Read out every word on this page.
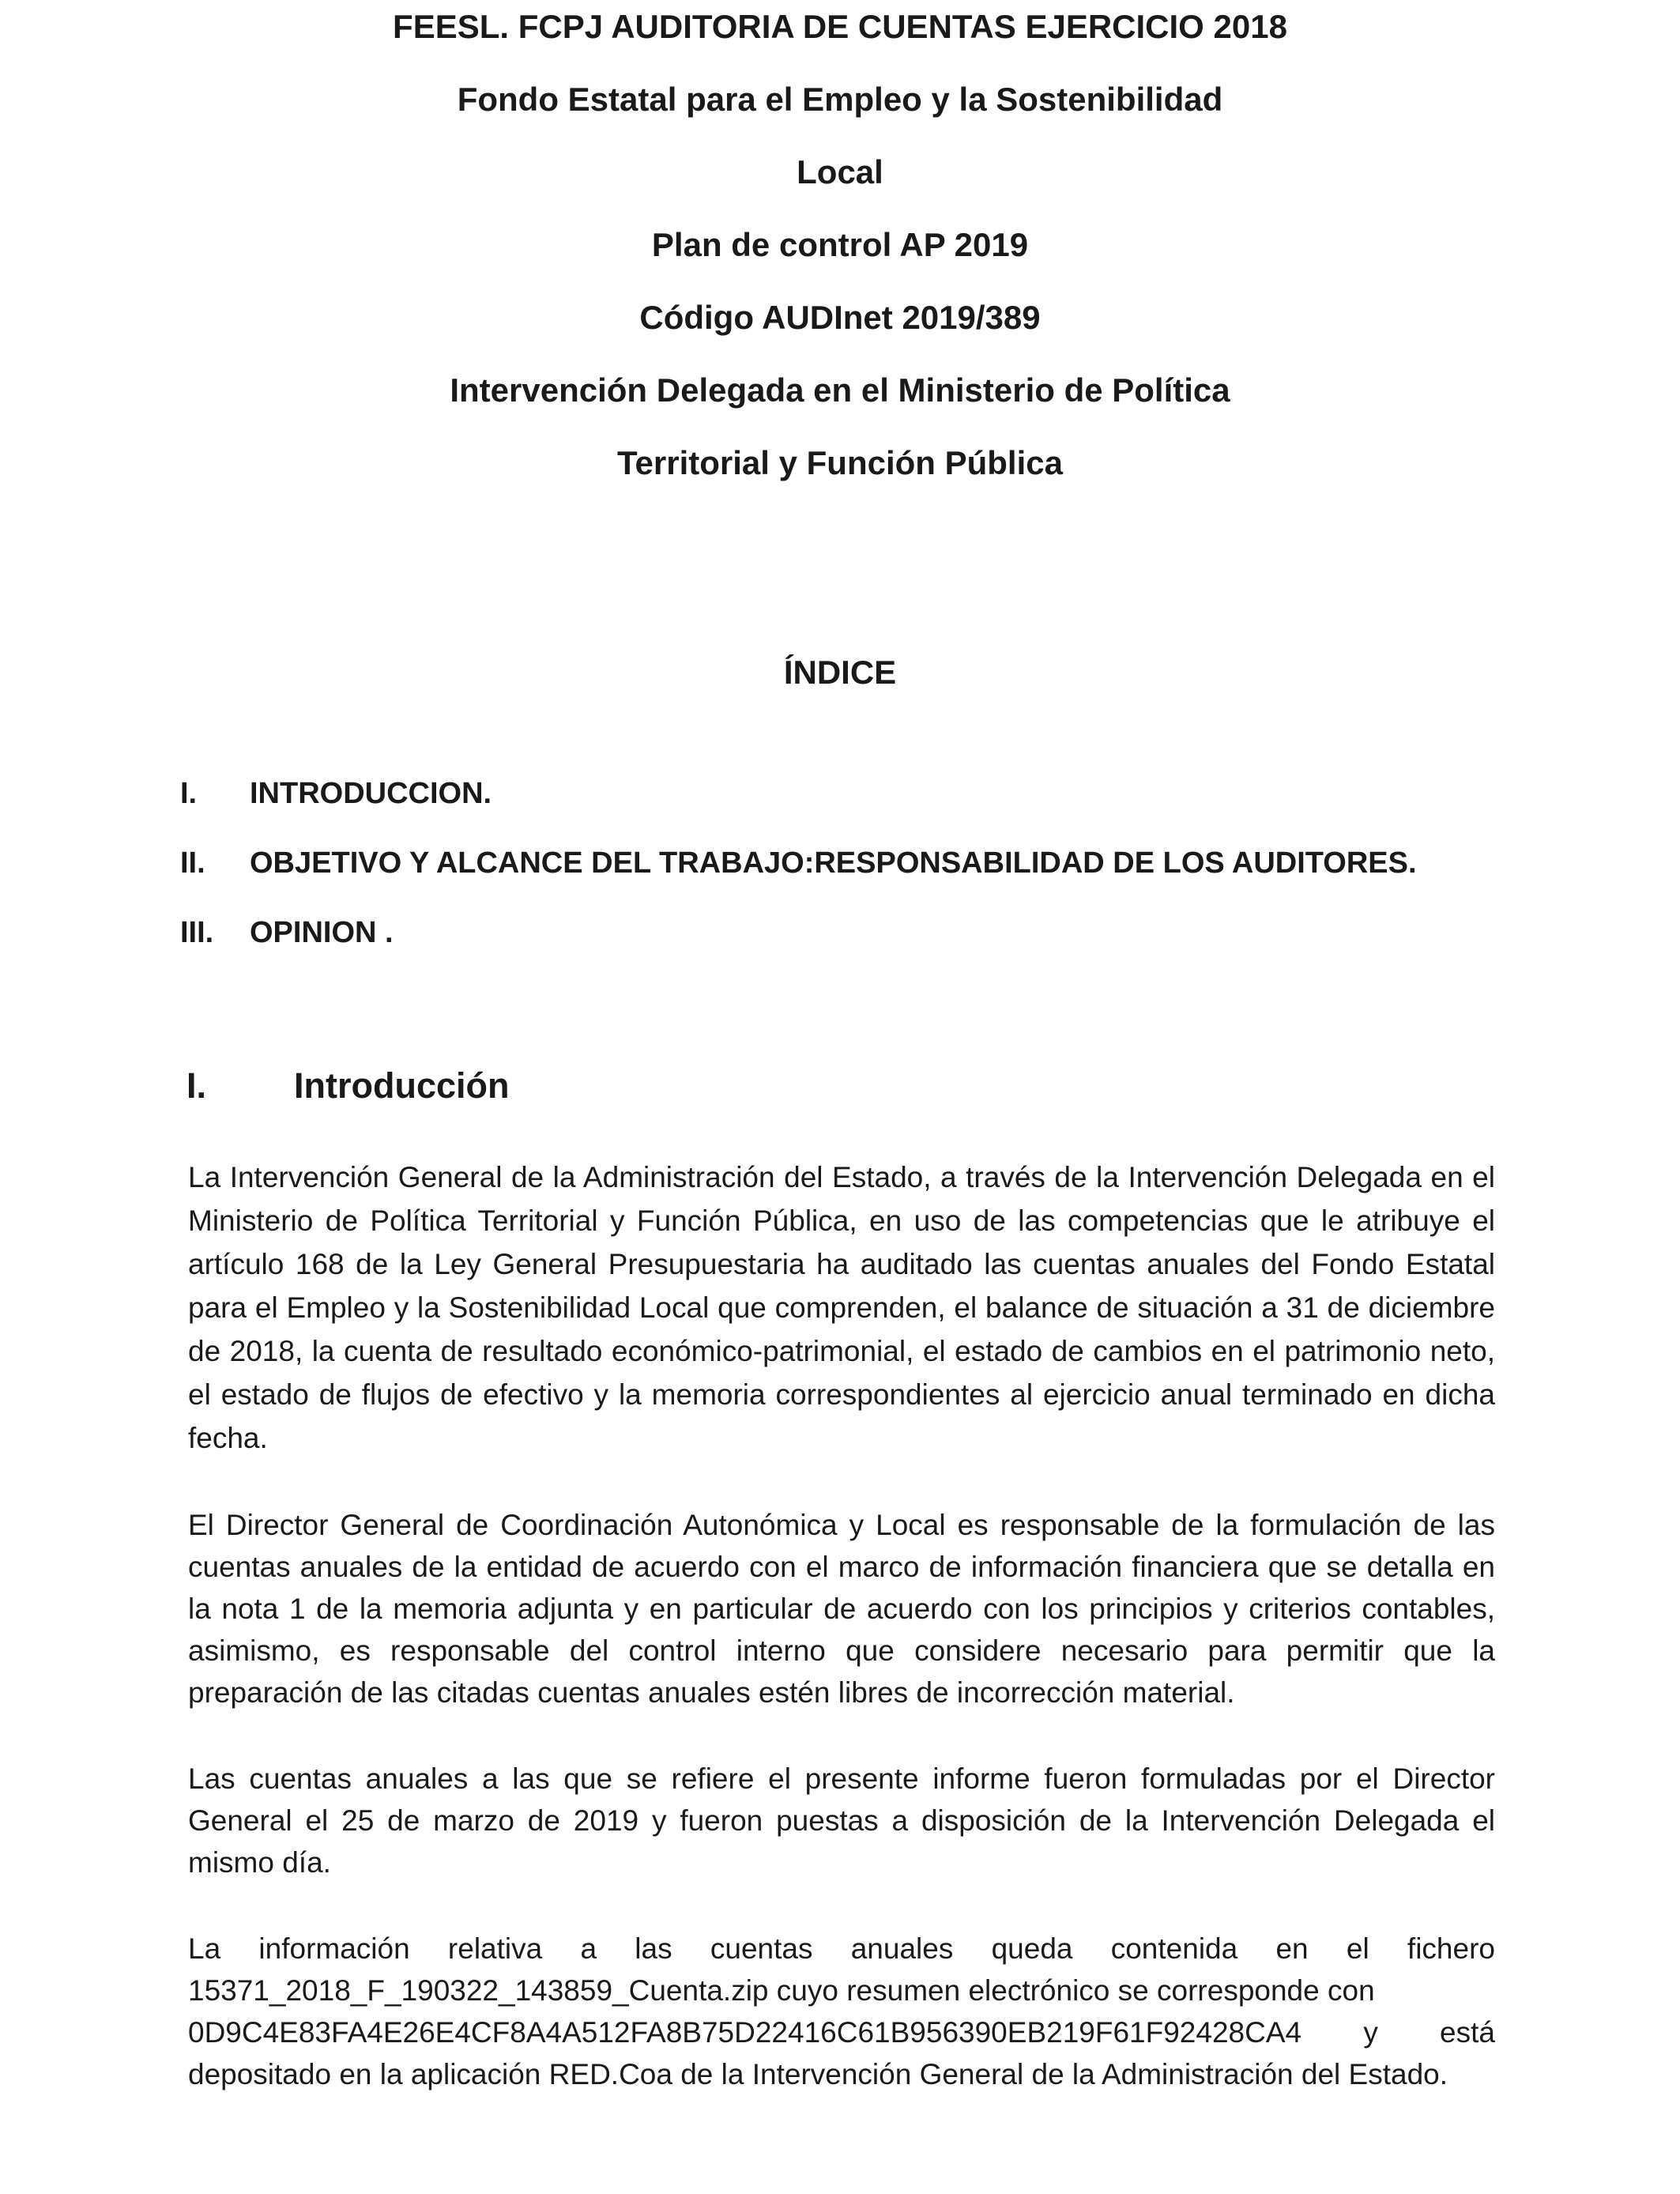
FEESL. FCPJ AUDITORIA DE CUENTAS EJERCICIO 2018

Fondo Estatal para el Empleo y la Sostenibilidad

Local

Plan de control AP 2019

Código AUDInet 2019/389

Intervención Delegada en el Ministerio de Política

Territorial y Función Pública

ÍNDICE
I.	INTRODUCCION.
II.	OBJETIVO Y ALCANCE DEL TRABAJO:RESPONSABILIDAD DE LOS AUDITORES.
III.	OPINION .
I.	Introducción

La Intervención General de la Administración del Estado, a través de la Intervención Delegada en el Ministerio de Política Territorial y Función Pública, en uso de las competencias que le atribuye el artículo 168 de la Ley General Presupuestaria ha auditado las cuentas anuales del Fondo Estatal para el Empleo y la Sostenibilidad Local que comprenden, el balance de situación a 31 de diciembre de 2018, la cuenta de resultado económico-patrimonial, el estado de cambios en el patrimonio neto, el estado de flujos de efectivo y la memoria correspondientes al ejercicio anual terminado en dicha fecha.

El Director General de Coordinación Autonómica y Local es responsable de la formulación de las cuentas anuales de la entidad de acuerdo con el marco de información financiera que se detalla en la nota 1 de la memoria adjunta y en particular de acuerdo con los principios y criterios contables, asimismo, es responsable del control interno que considere necesario para permitir que la preparación de las citadas cuentas anuales estén libres de incorrección material.

Las cuentas anuales a las que se refiere el presente informe fueron formuladas por el Director General el 25 de marzo de 2019 y fueron puestas a disposición de la Intervención Delegada el mismo día.

La información relativa a las cuentas anuales queda contenida en el fichero 15371_2018_F_190322_143859_Cuenta.zip cuyo resumen electrónico se corresponde con
0D9C4E83FA4E26E4CF8A4A512FA8B75D22416C61B956390EB219F61F92428CA4 y está
depositado en la aplicación RED.Coa de la Intervención General de la Administración del Estado.
